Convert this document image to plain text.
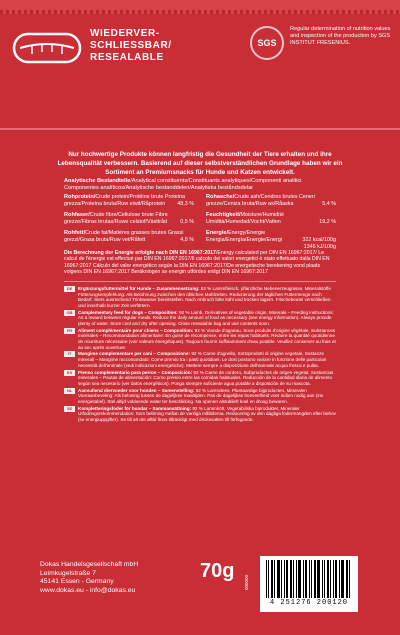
WIEDERVER-
SCHLIESSBAR/
RESEALABLE
SGS
Regular determination of nutrition values and inspection of the production by SGS INSTITUT FRESENIUS.
Nur hochwertige Produkte können langfristig die Gesundheit der Tiere erhalten und ihre Lebensqualität verbessern. Basierend auf dieser selbstverständlichen Grundlage haben wir ein Sortiment an Premiumsnacks für Hunde und Katzen entwickelt.
Analytische Bestandteile/Analytical constituents/Constituants analytiques/Componenti analitici Componentes analíticos/Analytische bestanddelen/Analytiska beståndsdelar
Rohprotein/Crude protein/Protéine brute Proteina grezza/Proteína bruta/Ruw eiwit/Råprotein 48,3 %
Rohasche/Crude ash/Cendres brutes Ceneri grezze/Ceniza bruta/Ruw as/Råaska	5,4 %
Rohfaser/Crude fibre/Cellulose brute Fibre grezze/Fibras brutas/Ruwe celstof/Växttråd 0,5 %
Feuchtigkeit/Moisture/Humidité Umidità/Humedad/Vocht/Vatten	19,2 %
Rohfett/Crude fat/Matières grasses brutes Grassi grezzi/Grasa bruta/Ruw vet/Råfett	4,8 %
Energie/Energy/Energie Energia/Energía/Energie/Energi	322 kcal/100g 1346 kJ/100g
Die Berechnung der Energie erfolgte nach DIN EN 16967:2017/Energy calculated per DIN EN 16967:2017/ Le calcul de l'énergie est effectué par DIN EN 16967:2017/Il calcolo dei valori energetici è stato effettuato dalla DIN EN 16967:2017 Cálculo del valor energético según la DIN EN 16967:2017/De energetische berekening vond plaats volgens DIN EN 16967:2017 Beräkningen av energin utfördes enligt DIN EN 16967:2017
DE	Ergänzungsfuttermittel für Hunde – Zusammensetzung: 92 % Lammfleisch, pflanzliche Nebenerzeugnisse, Mineralstoffe Fütterungsempfehlung: Als Belohnung zwischen den üblichen Mahlzeiten. Reduzierung der täglichen Futtermenge nach Bedarf. Stets ausreichend Trinkwasser bereitstellen. Nach Anbruch bitte kühl und trocken lagern. Frischebeutel verschließen und innerhalb kurzer Zeit verfüttern.

GB	Complementary feed for dogs – Composition: 92 % Lamb, Derivatives of vegetable origin, Minerals – Feeding instructions: As a reward between regular meals. Reduce the daily amount of food as necessary (see energy information). Always provide plenty of water. Store cool and dry after opening. Close resealable bag and use contents soon.

FR	Aliment complémentaire pour chiens – Composition: 92 % Viande d'agneau, Sous produits d'origine végétale, Substances minérales – Recommandation alimentaire: En guise de récompense, entre les repas habituels. Réduire la quantité quotidienne de nourriture nécessaire (voir valeurs énergétiques). Toujours fournir suffisamment d'eau potable. Veuillez conserver au frais et au sec après ouverture.

IT	Mangime complementare per cani – Composizione: 92 % Carne d'agnello, Sottoprodotti di origine vegetale, Sostanze minerali – Mangime raccomandato: Come premio tra i pasti quotidiani. Le dosi possono variare in funzione delle particolari necessità dell'animale (vedi indicazioni energetiche). Mettere sempre a disposizione dell'animale acqua fresca e pulita.

ES	Pienso complementario para perros – Composición: 92 % Carne de cordero, Subproductos de origen vegetal, Sustancias minerales – Pautas de alimentación: Como premio entre las comidas habituales. Reducción de la cantidad diaria de alimento según sea necesario (ver datos energéticos). Ponga siempre suficiente agua potable a disposición de su mascota.

NL	Aanvullend diervoeder voor honden – Samenstelling: 92 % Lamsvlees, Plantaardige bijproducten, Mineralen Voeraanbeveling: Als beloning tussen de dagelijkse maaltijden. Pas de dagelijkse hoeveelheid voer indien nodig aan (zie energietabel). Stel altijd voldoende water ter beschikking. Na openen alstublieft koel en droog bewaren.

SE	Kompletteringsfoder för hundar – Sammansättning: 92 % Lammkött, Vegetabiliska biprodukter, Mineraler Utfodringsrekommendation: Som belöning mellan de vanliga måltiderna. Reducering av den dagliga fodermängden efter behov (se energiuppgifter). Se till att det alltid finns tillräckligt med dricksvatten till förfogande.

Dokas Handelsgesellschaft mbH
Leimkugelstraße 7
45141 Essen - Germany
www.dokas.eu - info@dokas.eu
70g
000000
4 251276 200120
